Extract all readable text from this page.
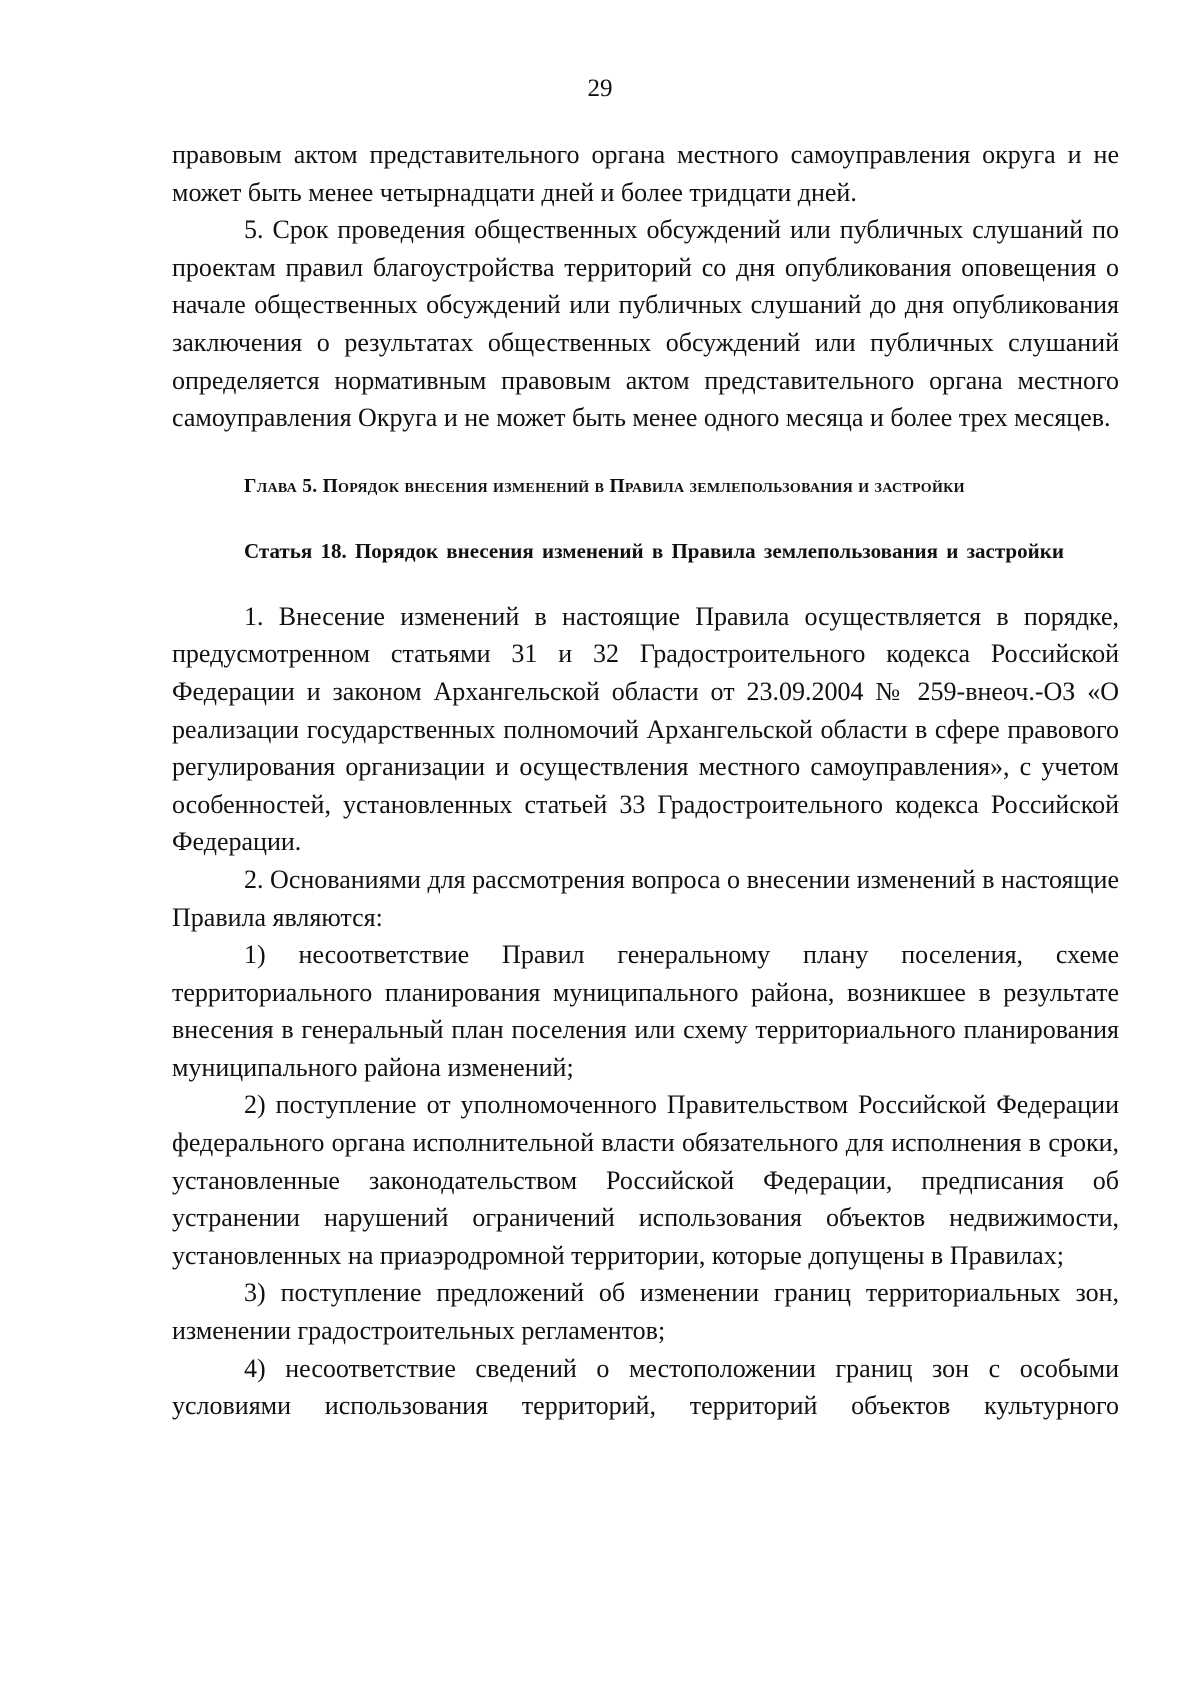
29

правовым актом представительного органа местного самоуправления округа и не может быть менее четырнадцати дней и более тридцати дней.

5. Срок проведения общественных обсуждений или публичных слушаний по проектам правил благоустройства территорий со дня опубликования оповещения о начале общественных обсуждений или публичных слушаний до дня опубликования заключения о результатах общественных обсуждений или публичных слушаний определяется нормативным правовым актом представительного органа местного самоуправления Округа и не может быть менее одного месяца и более трех месяцев.

Глава 5. Порядок внесения изменений в Правила землепользования и застройки

Статья 18. Порядок внесения изменений в Правила землепользования и застройки

1. Внесение изменений в настоящие Правила осуществляется в порядке, предусмотренном статьями 31 и 32 Градостроительного кодекса Российской Федерации и законом Архангельской области от 23.09.2004 № 259-внеоч.-ОЗ «О реализации государственных полномочий Архангельской области в сфере правового регулирования организации и осуществления местного самоуправления», с учетом особенностей, установленных статьей 33 Градостроительного кодекса Российской Федерации.

2. Основаниями для рассмотрения вопроса о внесении изменений в настоящие Правила являются:

1) несоответствие Правил генеральному плану поселения, схеме территориального планирования муниципального района, возникшее в результате внесения в генеральный план поселения или схему территориального планирования муниципального района изменений;

2) поступление от уполномоченного Правительством Российской Федерации федерального органа исполнительной власти обязательного для исполнения в сроки, установленные законодательством Российской Федерации, предписания об устранении нарушений ограничений использования объектов недвижимости, установленных на приаэродромной территории, которые допущены в Правилах;

3) поступление предложений об изменении границ территориальных зон, изменении градостроительных регламентов;

4) несоответствие сведений о местоположении границ зон с особыми условиями использования территорий, территорий объектов культурного
